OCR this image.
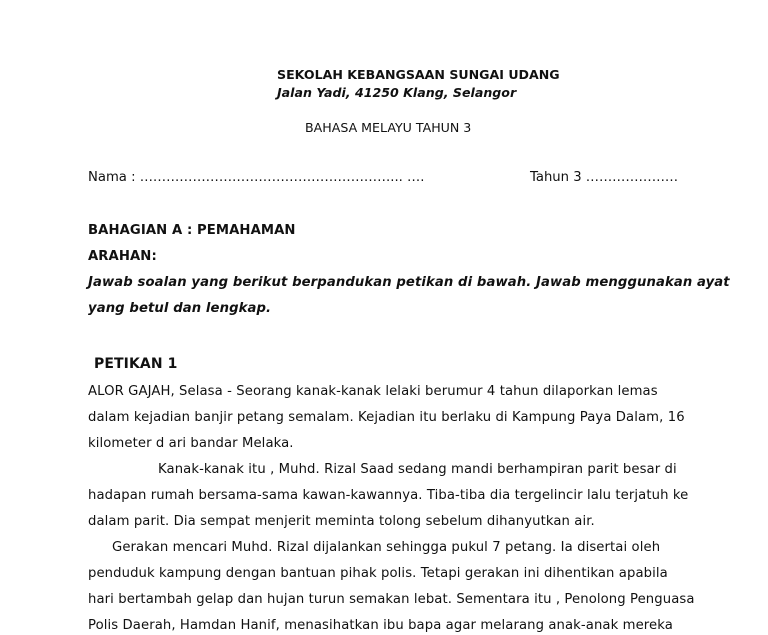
SEKOLAH KEBANGSAAN SUNGAI UDANG
Jalan Yadi, 41250 Klang, Selangor
BAHASA MELAYU TAHUN 3
Nama : …………………………………………………... ….	Tahun 3 …………………
BAHAGIAN A : PEMAHAMAN
ARAHAN:
Jawab soalan yang berikut berpandukan petikan di bawah. Jawab menggunakan ayat
yang betul dan lengkap.
PETIKAN 1
ALOR GAJAH, Selasa - Seorang kanak-kanak lelaki berumur 4 tahun dilaporkan lemas
dalam kejadian banjir petang semalam. Kejadian itu berlaku di Kampung Paya Dalam, 16
kilometer d ari bandar Melaka.
Kanak-kanak itu , Muhd. Rizal Saad sedang mandi berhampiran parit besar di
hadapan rumah bersama-sama kawan-kawannya. Tiba-tiba dia tergelincir lalu terjatuh ke
dalam parit. Dia sempat menjerit meminta tolong sebelum dihanyutkan air.
Gerakan mencari Muhd. Rizal dijalankan sehingga pukul 7 petang. Ia disertai oleh
penduduk kampung dengan bantuan pihak polis. Tetapi gerakan ini dihentikan apabila
hari bertambah gelap dan hujan turun semakan lebat. Sementara itu , Penolong Penguasa
Polis Daerah, Hamdan Hanif, menasihatkan ibu bapa agar melarang anak-anak mereka
